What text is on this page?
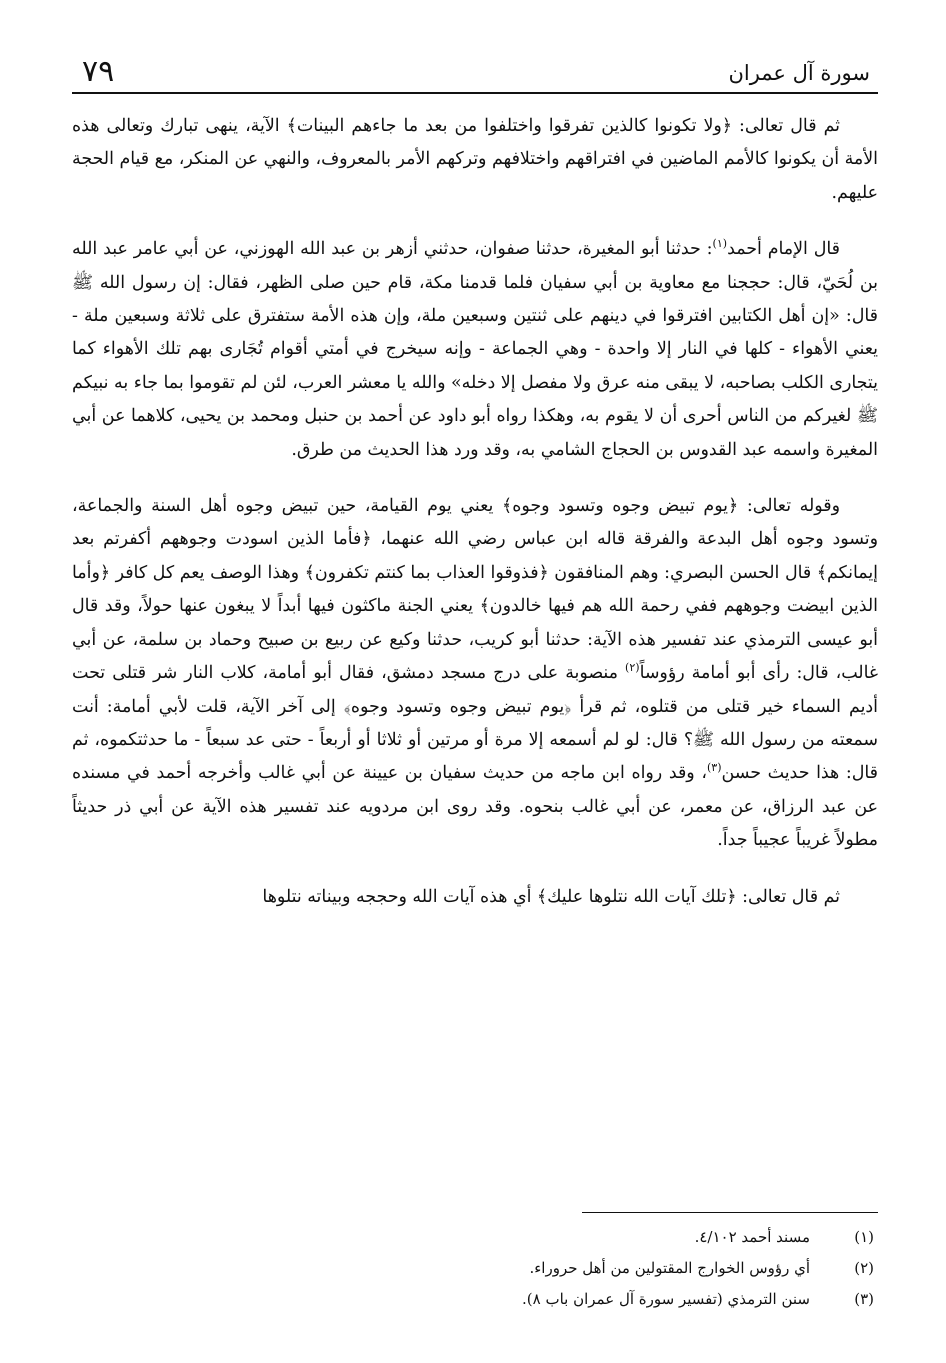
٧٩	سورة آل عمران

ثم قال تعالى: ﴿ولا تكونوا كالذين تفرقوا واختلفوا من بعد ما جاءهم البينات﴾ الآية، ينهى تبارك وتعالى هذه الأمة أن يكونوا كالأمم الماضين في افتراقهم واختلافهم وتركهم الأمر بالمعروف، والنهي عن المنكر، مع قيام الحجة عليهم.

قال الإمام أحمد$^{(١)}$: حدثنا أبو المغيرة، حدثنا صفوان، حدثني أزهر بن عبد الله الهوزني، عن أبي عامر عبد الله بن لُحَيّ، قال: حججنا مع معاوية بن أبي سفيان فلما قدمنا مكة، قام حين صلى الظهر، فقال: إن رسول الله ﷺ قال: «إن أهل الكتابين افترقوا في دينهم على ثنتين وسبعين ملة، وإن هذه الأمة ستفترق على ثلاثة وسبعين ملة - يعني الأهواء - كلها في النار إلا واحدة - وهي الجماعة - وإنه سيخرج في أمتي أقوام تُجَارى بهم تلك الأهواء كما يتجارى الكلب بصاحبه، لا يبقى منه عرق ولا مفصل إلا دخله» والله يا معشر العرب، لئن لم تقوموا بما جاء به نبيكم ﷺ لغيركم من الناس أحرى أن لا يقوم به، وهكذا رواه أبو داود عن أحمد بن حنبل ومحمد بن يحيى، كلاهما عن أبي المغيرة واسمه عبد القدوس بن الحجاج الشامي به، وقد ورد هذا الحديث من طرق.

وقوله تعالى: ﴿يوم تبيض وجوه وتسود وجوه﴾ يعني يوم القيامة، حين تبيض وجوه أهل السنة والجماعة، وتسود وجوه أهل البدعة والفرقة قاله ابن عباس رضي الله عنهما، ﴿فأما الذين اسودت وجوههم أكفرتم بعد إيمانكم﴾ قال الحسن البصري: وهم المنافقون ﴿فذوقوا العذاب بما كنتم تكفرون﴾ وهذا الوصف يعم كل كافر ﴿وأما الذين ابيضت وجوههم ففي رحمة الله هم فيها خالدون﴾ يعني الجنة ماكثون فيها أبداً لا يبغون عنها حولاً، وقد قال أبو عيسى الترمذي عند تفسير هذه الآية: حدثنا أبو كريب، حدثنا وكيع عن ربيع بن صبيح وحماد بن سلمة، عن أبي غالب، قال: رأى أبو أمامة رؤوساً$^{(٢)}$ منصوبة على درج مسجد دمشق، فقال أبو أمامة، كلاب النار شر قتلى تحت أديم السماء خير قتلى من قتلوه، ثم قرأ ﴿يوم تبيض وجوه وتسود وجوه﴾ إلى آخر الآية، قلت لأبي أمامة: أنت سمعته من رسول الله ﷺ؟ قال: لو لم أسمعه إلا مرة أو مرتين أو ثلاثا أو أربعاً - حتى عد سبعاً - ما حدثتكموه، ثم قال: هذا حديث حسن$^{(٣)}$، وقد رواه ابن ماجه من حديث سفيان بن عيينة عن أبي غالب وأخرجه أحمد في مسنده عن عبد الرزاق، عن معمر، عن أبي غالب بنحوه. وقد روى ابن مردويه عند تفسير هذه الآية عن أبي ذر حديثاً مطولاً غريباً عجيباً جداً.

ثم قال تعالى: ﴿تلك آيات الله نتلوها عليك﴾ أي هذه آيات الله وحججه وبيناته نتلوها

(١)
مسند أحمد ٤/١٠٢.
(٢)
أي رؤوس الخوارج المقتولين من أهل حروراء.
(٣)
سنن الترمذي (تفسير سورة آل عمران باب ٨).
